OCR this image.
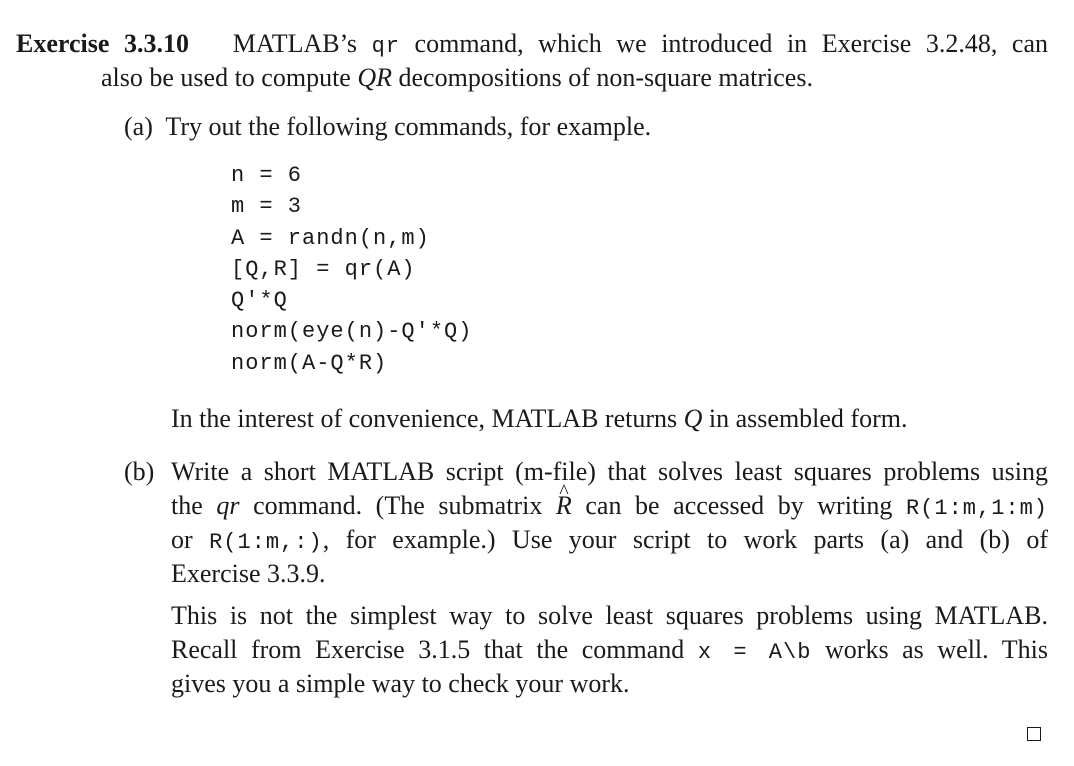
Exercise 3.3.10 MATLAB’s qr command, which we introduced in Exercise 3.2.48, can
also be used to compute QR decompositions of non-square matrices.
(a) Try out the following commands, for example.
n = 6
m = 3
A = randn(n,m)
[Q,R] = qr(A)
Q'*Q
norm(eye(n)-Q'*Q)
norm(A-Q*R)
In the interest of convenience, MATLAB returns Q in assembled form.
(b) Write a short MATLAB script (m-file) that solves least squares problems using
the qr command. (The submatrix ^ R can be accessed by writing R(1:m,1:m)
or R(1:m,:), for example.) Use your script to work parts (a) and (b) of
Exercise 3.3.9.
This is not the simplest way to solve least squares problems using MATLAB.
Recall from Exercise 3.1.5 that the command x = A\b works as well. This
gives you a simple way to check your work.
